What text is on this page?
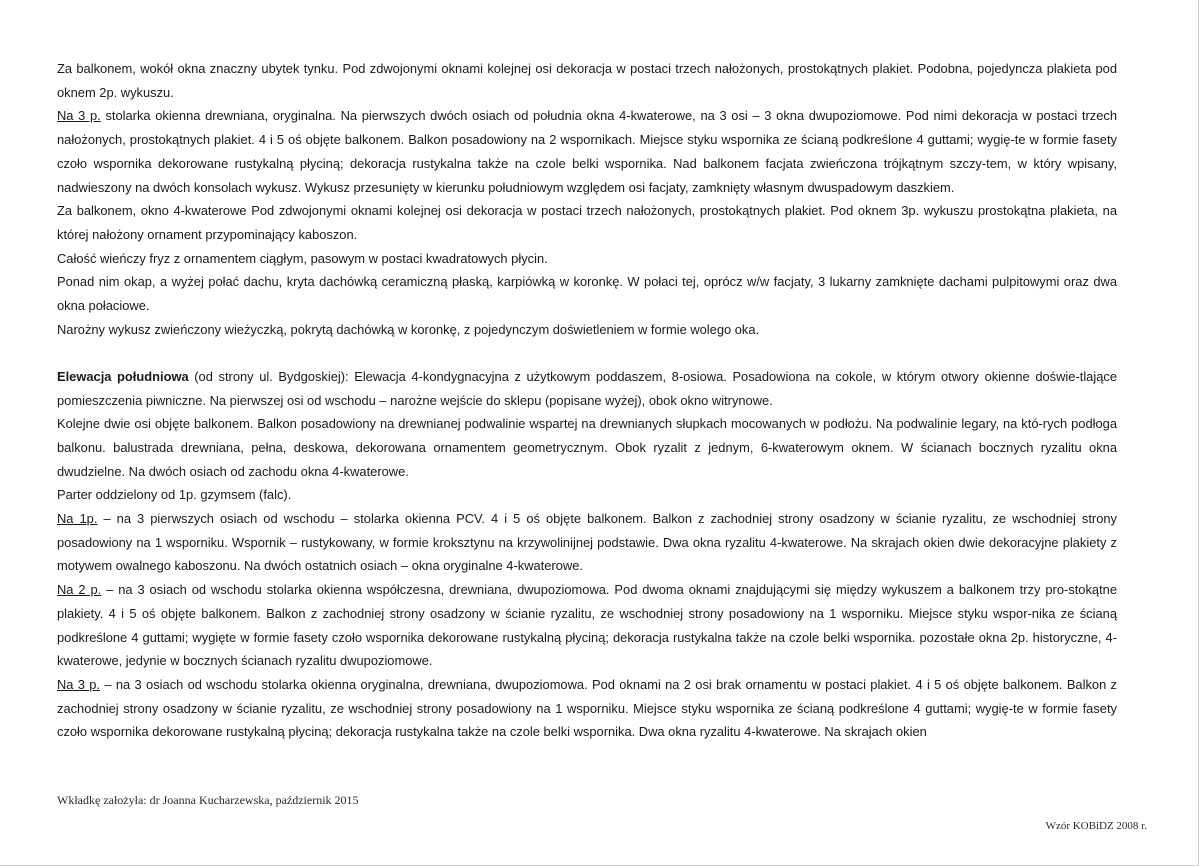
Za balkonem, wokół okna znaczny ubytek tynku. Pod zdwojonymi oknami kolejnej osi dekoracja w postaci trzech nałożonych, prostokątnych plakiet. Podobna, pojedyncza plakieta pod oknem 2p. wykuszu.

Na 3 p. stolarka okienna drewniana, oryginalna. Na pierwszych dwóch osiach od południa okna 4-kwaterowe, na 3 osi – 3 okna dwupoziomowe. Pod nimi dekoracja w postaci trzech nałożonych, prostokątnych plakiet. 4 i 5 oś objęte balkonem. Balkon posadowiony na 2 wspornikach. Miejsce styku wspornika ze ścianą podkreślone 4 guttami; wygię-te w formie fasety czoło wspornika dekorowane rustykalną płyciną; dekoracja rustykalna także na czole belki wspornika. Nad balkonem facjata zwieńczona trójkątnym szczy-tem, w który wpisany, nadwieszony na dwóch konsolach wykusz. Wykusz przesunięty w kierunku południowym względem osi facjaty, zamknięty własnym dwuspadowym daszkiem.

Za balkonem, okno 4-kwaterowe Pod zdwojonymi oknami kolejnej osi dekoracja w postaci trzech nałożonych, prostokątnych plakiet. Pod oknem 3p. wykuszu prostokątna plakieta, na której nałożony ornament przypominający kaboszon.

Całość wieńczy fryz z ornamentem ciągłym, pasowym w postaci kwadratowych płycin.

Ponad nim okap, a wyżej połać dachu, kryta dachówką ceramiczną płaską, karpiówką w koronkę. W połaci tej, oprócz w/w facjaty, 3 lukarny zamknięte dachami pulpitowymi oraz dwa okna połaciowe.

Narożny wykusz zwieńczony wieżyczką, pokrytą dachówką w koronkę, z pojedynczym doświetleniem w formie wolego oka.

Elewacja południowa (od strony ul. Bydgoskiej): Elewacja 4-kondygnacyjna z użytkowym poddaszem, 8-osiowa. Posadowiona na cokole, w którym otwory okienne doświe-tlające pomieszczenia piwniczne. Na pierwszej osi od wschodu – narożne wejście do sklepu (popisane wyżej), obok okno witrynowe.

Kolejne dwie osi objęte balkonem. Balkon posadowiony na drewnianej podwalinie wspartej na drewnianych słupkach mocowanych w podłożu. Na podwalinie legary, na któ-rych podłoga balkonu. balustrada drewniana, pełna, deskowa, dekorowana ornamentem geometrycznym. Obok ryzalit z jednym, 6-kwaterowym oknem. W ścianach bocznych ryzalitu okna dwudzielne. Na dwóch osiach od zachodu okna 4-kwaterowe.

Parter oddzielony od 1p. gzymsem (falc).

Na 1p. – na 3 pierwszych osiach od wschodu – stolarka okienna PCV. 4 i 5 oś objęte balkonem. Balkon z zachodniej strony osadzony w ścianie ryzalitu, ze wschodniej strony posadowiony na 1 wsporniku. Wspornik – rustykowany, w formie kroksztynu na krzywolinijnej podstawie. Dwa okna ryzalitu 4-kwaterowe. Na skrajach okien dwie dekoracyjne plakiety z motywem owalnego kaboszonu. Na dwóch ostatnich osiach – okna oryginalne 4-kwaterowe.

Na 2 p. – na 3 osiach od wschodu stolarka okienna współczesna, drewniana, dwupoziomowa. Pod dwoma oknami znajdującymi się między wykuszem a balkonem trzy pro-stokątne plakiety. 4 i 5 oś objęte balkonem. Balkon z zachodniej strony osadzony w ścianie ryzalitu, ze wschodniej strony posadowiony na 1 wsporniku. Miejsce styku wspor-nika ze ścianą podkreślone 4 guttami; wygięte w formie fasety czoło wspornika dekorowane rustykalną płyciną; dekoracja rustykalna także na czole belki wspornika. pozostałe okna 2p. historyczne, 4-kwaterowe, jedynie w bocznych ścianach ryzalitu dwupoziomowe.

Na 3 p. – na 3 osiach od wschodu stolarka okienna oryginalna, drewniana, dwupoziomowa. Pod oknami na 2 osi brak ornamentu w postaci plakiet. 4 i 5 oś objęte balkonem. Balkon z zachodniej strony osadzony w ścianie ryzalitu, ze wschodniej strony posadowiony na 1 wsporniku. Miejsce styku wspornika ze ścianą podkreślone 4 guttami; wygię-te w formie fasety czoło wspornika dekorowane rustykalną płyciną; dekoracja rustykalna także na czole belki wspornika. Dwa okna ryzalitu 4-kwaterowe. Na skrajach okien

Wkładkę założyła: dr Joanna Kucharzewska, październik 2015
Wzór KOBiDZ 2008 r.
